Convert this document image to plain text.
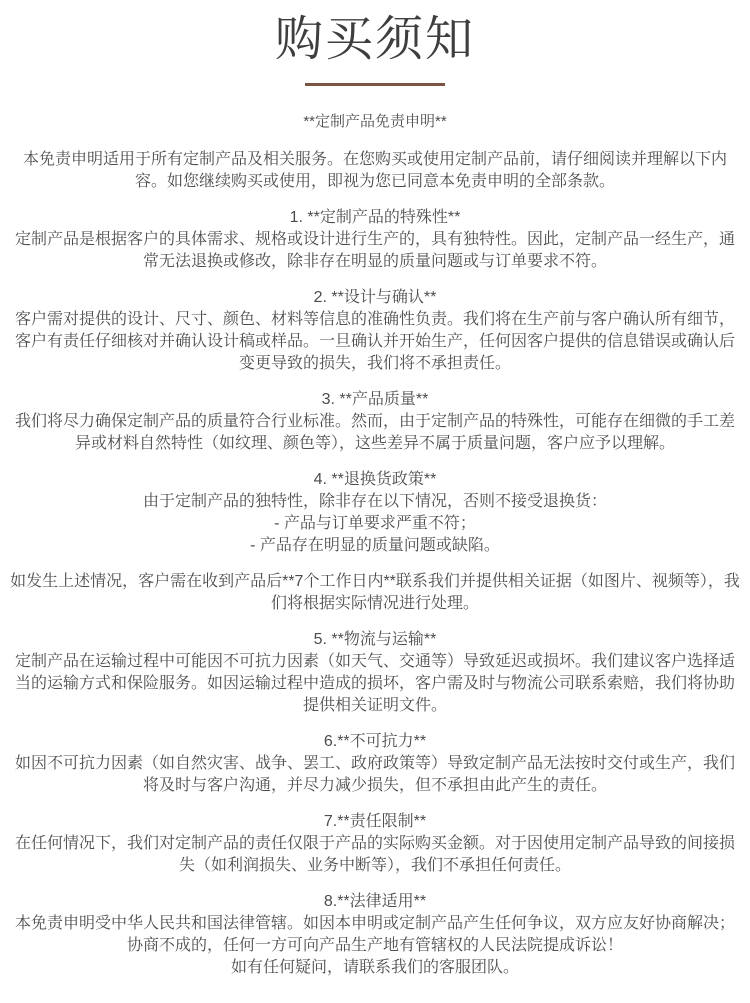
购买须知
**定制产品免责申明**

本免责申明适用于所有定制产品及相关服务。在您购买或使用定制产品前，请仔细阅读并理解以下内容。如您继续购买或使用，即视为您已同意本免责申明的全部条款。

1. **定制产品的特殊性**
定制产品是根据客户的具体需求、规格或设计进行生产的，具有独特性。因此，定制产品一经生产，通常无法退换或修改，除非存在明显的质量问题或与订单要求不符。
2. **设计与确认**
客户需对提供的设计、尺寸、颜色、材料等信息的准确性负责。我们将在生产前与客户确认所有细节，客户有责任仔细核对并确认设计稿或样品。一旦确认并开始生产，任何因客户提供的信息错误或确认后变更导致的损失，我们将不承担责任。
3. **产品质量**
我们将尽力确保定制产品的质量符合行业标准。然而，由于定制产品的特殊性，可能存在细微的手工差异或材料自然特性（如纹理、颜色等），这些差异不属于质量问题，客户应予以理解。
4. **退换货政策**
由于定制产品的独特性，除非存在以下情况，否则不接受退换货：
- 产品与订单要求严重不符；
- 产品存在明显的质量问题或缺陷。
如发生上述情况，客户需在收到产品后**7个工作日内**联系我们并提供相关证据（如图片、视频等），我们将根据实际情况进行处理。
5. **物流与运输**
定制产品在运输过程中可能因不可抗力因素（如天气、交通等）导致延迟或损坏。我们建议客户选择适当的运输方式和保险服务。如因运输过程中造成的损坏，客户需及时与物流公司联系索赔，我们将协助提供相关证明文件。
6.**不可抗力**
如因不可抗力因素（如自然灾害、战争、罢工、政府政策等）导致定制产品无法按时交付或生产，我们将及时与客户沟通，并尽力减少损失，但不承担由此产生的责任。
7.**责任限制**
在任何情况下，我们对定制产品的责任仅限于产品的实际购买金额。对于因使用定制产品导致的间接损失（如利润损失、业务中断等），我们不承担任何责任。
8.**法律适用**
本免责申明受中华人民共和国法律管辖。如因本申明或定制产品产生任何争议，双方应友好协商解决；协商不成的，任何一方可向产品生产地有管辖权的人民法院提成诉讼！
如有任何疑问，请联系我们的客服团队。
